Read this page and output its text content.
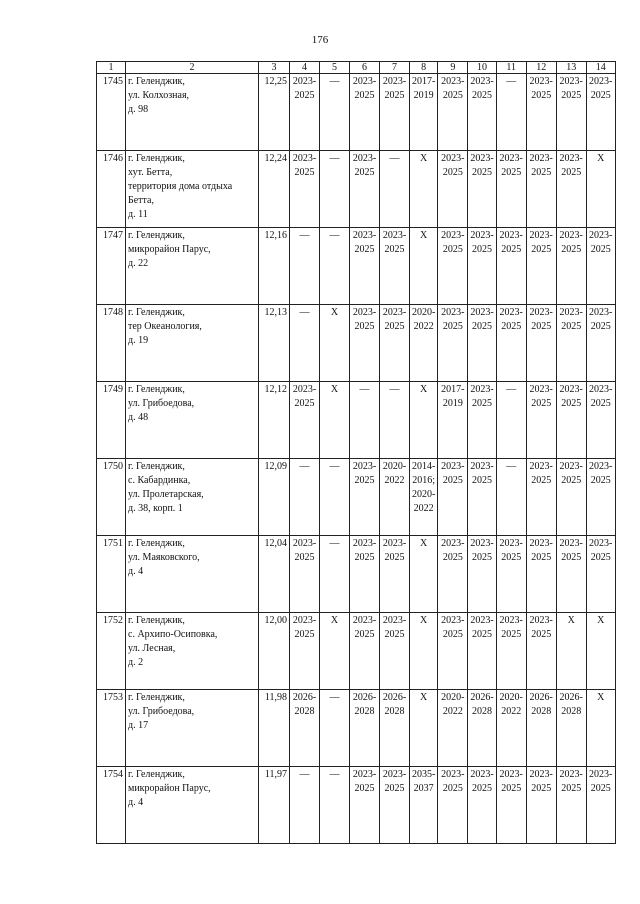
176
1	2	3	4	5	6	7	8	9	10	11	12	13	14
1745	г. Геленджик,
ул. Колхозная,
д. 98	12,25	2023-
2025	—	2023-
2025	2023-
2025	2017-
2019	2023-
2025	2023-
2025	—	2023-
2025	2023-
2025	2023-
2025
1746	г. Геленджик,
хут. Бетта,
территория дома отдыха
Бетта,
д. 11	12,24	2023-
2025	—	2023-
2025	—	Х	2023-
2025	2023-
2025	2023-
2025	2023-
2025	2023-
2025	Х
1747	г. Геленджик,
микрорайон Парус,
д. 22	12,16	—	—	2023-
2025	2023-
2025	Х	2023-
2025	2023-
2025	2023-
2025	2023-
2025	2023-
2025	2023-
2025
1748	г. Геленджик,
тер Океанология,
д. 19	12,13	—	Х	2023-
2025	2023-
2025	2020-
2022	2023-
2025	2023-
2025	2023-
2025	2023-
2025	2023-
2025	2023-
2025
1749	г. Геленджик,
ул. Грибоедова,
д. 48	12,12	2023-
2025	Х	—	—	Х	2017-
2019	2023-
2025	—	2023-
2025	2023-
2025	2023-
2025
1750	г. Геленджик,
с. Кабардинка,
ул. Пролетарская,
д. 38, корп. 1	12,09	—	—	2023-
2025	2020-
2022	2014-
2016;
2020-
2022	2023-
2025	2023-
2025	—	2023-
2025	2023-
2025	2023-
2025
1751	г. Геленджик,
ул. Маяковского,
д. 4	12,04	2023-
2025	—	2023-
2025	2023-
2025	Х	2023-
2025	2023-
2025	2023-
2025	2023-
2025	2023-
2025	2023-
2025
1752	г. Геленджик,
с. Архипо-Осиповка,
ул. Лесная,
д. 2	12,00	2023-
2025	Х	2023-
2025	2023-
2025	Х	2023-
2025	2023-
2025	2023-
2025	2023-
2025	Х	Х
1753	г. Геленджик,
ул. Грибоедова,
д. 17	11,98	2026-
2028	—	2026-
2028	2026-
2028	Х	2020-
2022	2026-
2028	2020-
2022	2026-
2028	2026-
2028	Х
1754	г. Геленджик,
микрорайон Парус,
д. 4	11,97	—	—	2023-
2025	2023-
2025	2035-
2037	2023-
2025	2023-
2025	2023-
2025	2023-
2025	2023-
2025	2023-
2025
